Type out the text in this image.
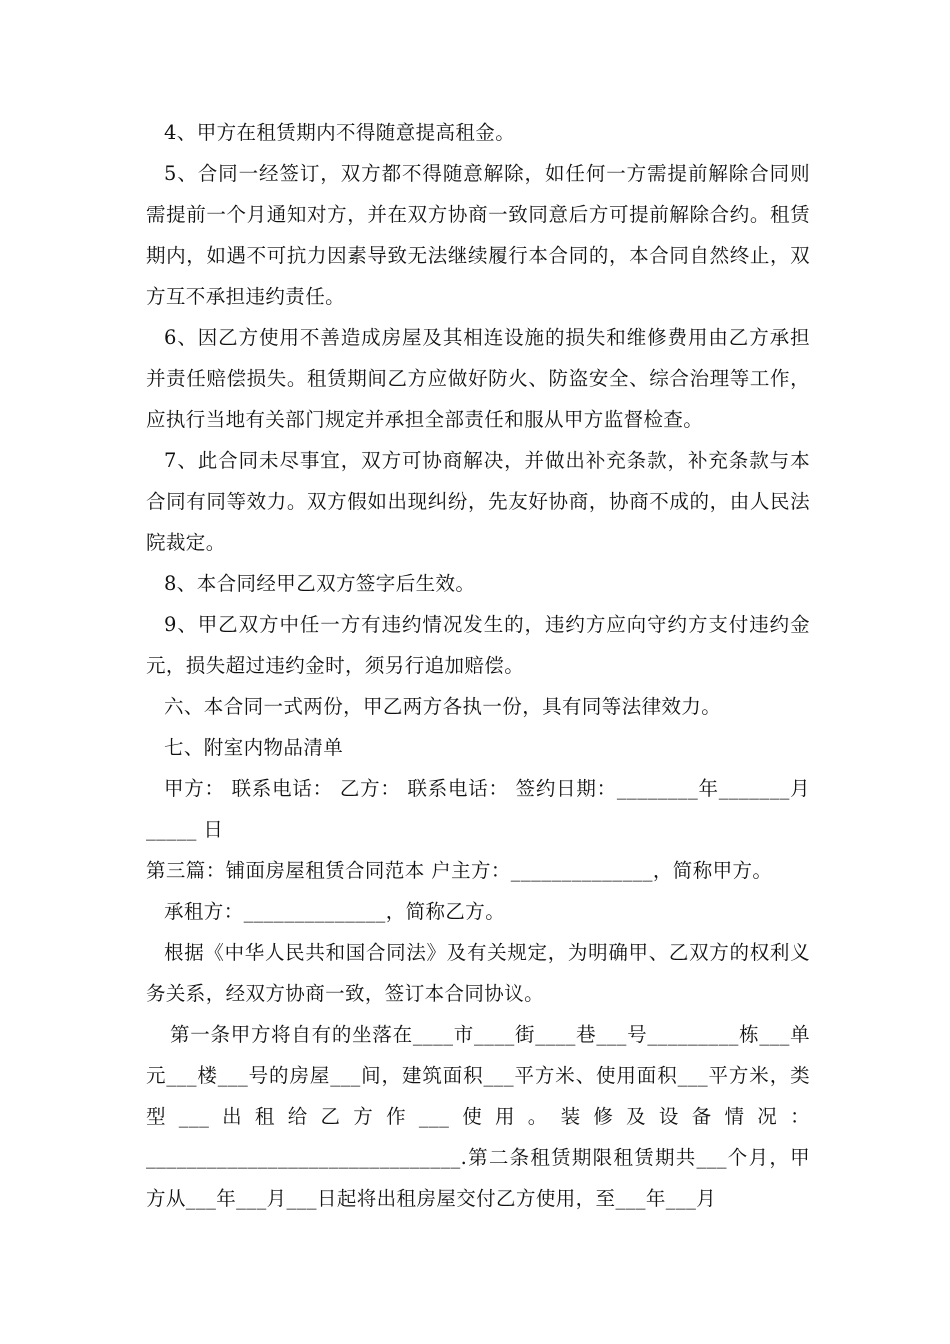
4、甲方在租赁期内不得随意提高租金。

5、合同一经签订，双方都不得随意解除，如任何一方需提前解除合同则需提前一个月通知对方，并在双方协商一致同意后方可提前解除合约。租赁期内，如遇不可抗力因素导致无法继续履行本合同的，本合同自然终止，双方互不承担违约责任。

6、因乙方使用不善造成房屋及其相连设施的损失和维修费用由乙方承担并责任赔偿损失。租赁期间乙方应做好防火、防盗安全、综合治理等工作，应执行当地有关部门规定并承担全部责任和服从甲方监督检查。

7、此合同未尽事宜，双方可协商解决，并做出补充条款，补充条款与本合同有同等效力。双方假如出现纠纷，先友好协商，协商不成的，由人民法院裁定。

8、本合同经甲乙双方签字后生效。

9、甲乙双方中任一方有违约情况发生的，违约方应向守约方支付违约金 元，损失超过违约金时，须另行追加赔偿。

六、本合同一式两份，甲乙两方各执一份，具有同等法律效力。

七、附室内物品清单

甲方： 联系电话： 乙方： 联系电话： 签约日期：________年_______月_____ 日

第三篇：铺面房屋租赁合同范本 户主方：______________，简称甲方。

承租方：______________，简称乙方。

根据《中华人民共和国合同法》及有关规定，为明确甲、乙双方的权利义务关系，经双方协商一致，签订本合同协议。

第一条甲方将自有的坐落在____市____街____巷___号_________栋___单元___楼___号的房屋___间，建筑面积___平方米、使用面积___平方米，类型___出租给乙方作___使用。装修及设备情况：_______________________________.第二条租赁期限租赁期共___个月，甲方从___年___月___日起将出租房屋交付乙方使用，至___年___月
